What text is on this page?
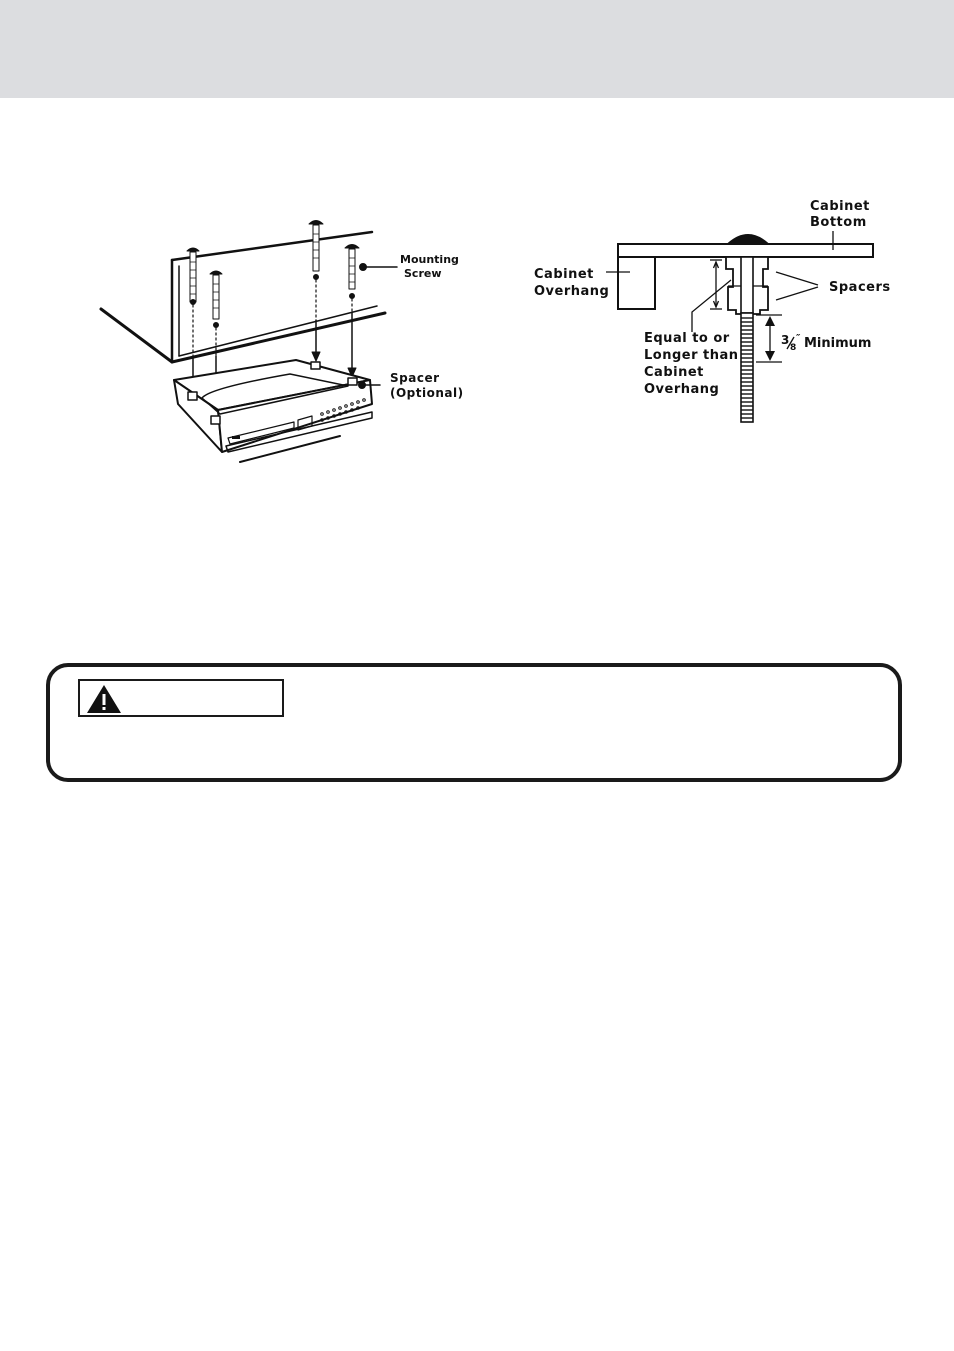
Mounting
Screw
Spacer
(Optional)
Cabinet
Bottom
Cabinet
Overhang	Spacers
Equal to or
Longer than
Cabinet
Overhang
3
8
″ Minimum
